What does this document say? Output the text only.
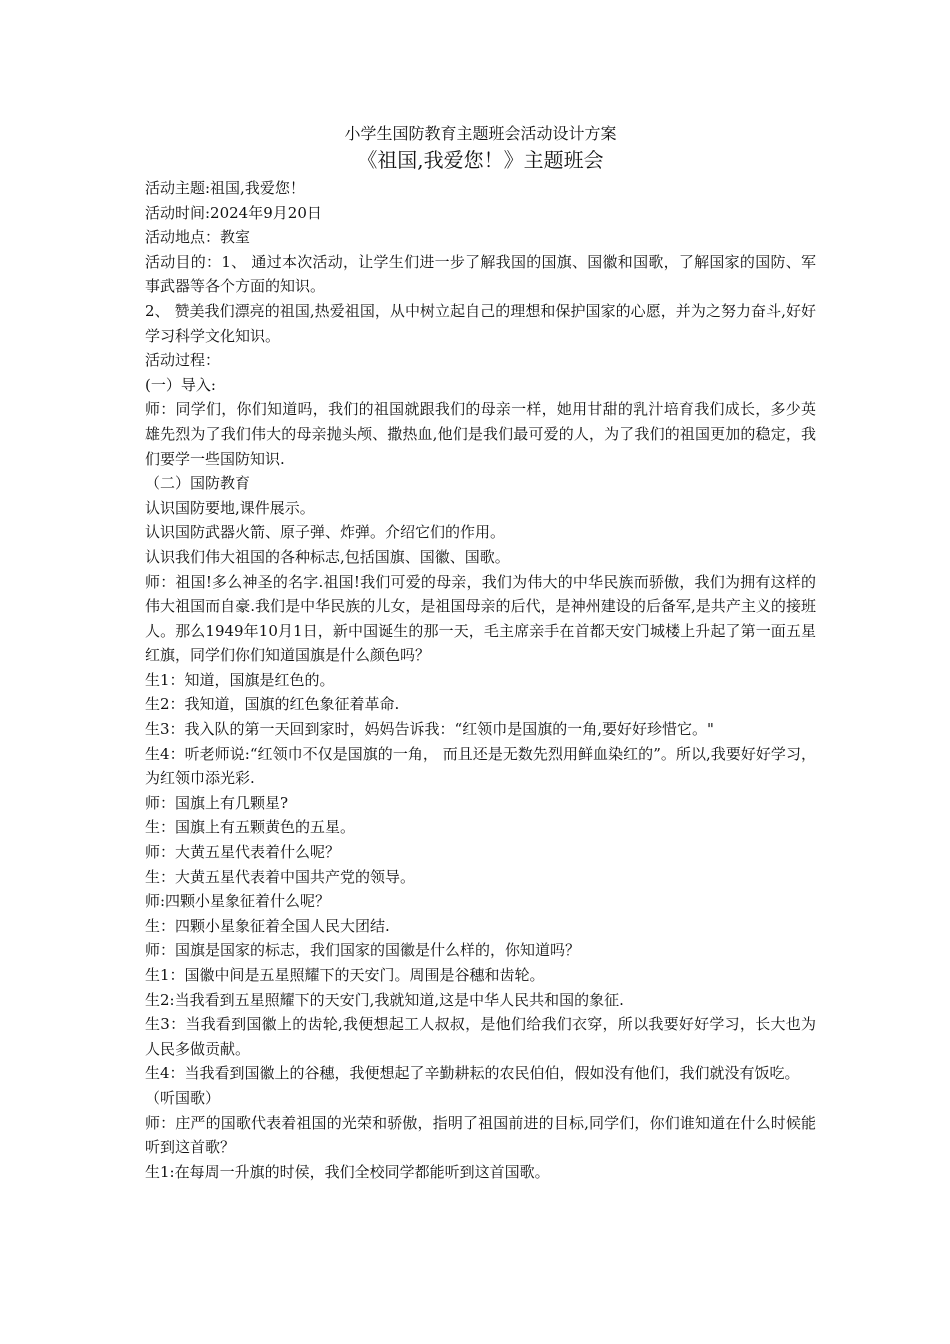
小学生国防教育主题班会活动设计方案
《祖国,我爱您！》主题班会

活动主题:祖国,我爱您！

活动时间:2024年9月20日

活动地点：教室

活动目的：1、 通过本次活动，让学生们进一步了解我国的国旗、国徽和国歌，了解国家的国防、军事武器等各个方面的知识。

2、 赞美我们漂亮的祖国,热爱祖国，从中树立起自己的理想和保护国家的心愿，并为之努力奋斗,好好学习科学文化知识。

活动过程：

(一）导入:

师：同学们，你们知道吗，我们的祖国就跟我们的母亲一样，她用甘甜的乳汁培育我们成长，多少英雄先烈为了我们伟大的母亲抛头颅、撒热血,他们是我们最可爱的人，为了我们的祖国更加的稳定，我们要学一些国防知识.

（二）国防教育

认识国防要地,课件展示。

认识国防武器火箭、原子弹、炸弹。介绍它们的作用。

认识我们伟大祖国的各种标志,包括国旗、国徽、国歌。

师：祖国!多么神圣的名字.祖国!我们可爱的母亲，我们为伟大的中华民族而骄傲，我们为拥有这样的伟大祖国而自豪.我们是中华民族的儿女，是祖国母亲的后代，是神州建设的后备军,是共产主义的接班人。那么1949年10月1日，新中国诞生的那一天，毛主席亲手在首都天安门城楼上升起了第一面五星红旗，同学们你们知道国旗是什么颜色吗？

生1：知道，国旗是红色的。

生2：我知道，国旗的红色象征着革命.

生3：我入队的第一天回到家时，妈妈告诉我：“红领巾是国旗的一角,要好好珍惜它。"

生4：听老师说:“红领巾不仅是国旗的一角， 而且还是无数先烈用鲜血染红的”。所以,我要好好学习，为红领巾添光彩.

师：国旗上有几颗星?

生：国旗上有五颗黄色的五星。

师：大黄五星代表着什么呢？

生：大黄五星代表着中国共产党的领导。

师:四颗小星象征着什么呢？

生：四颗小星象征着全国人民大团结.

师：国旗是国家的标志，我们国家的国徽是什么样的，你知道吗？

生1：国徽中间是五星照耀下的天安门。周围是谷穗和齿轮。

生2:当我看到五星照耀下的天安门,我就知道,这是中华人民共和国的象征.

生3：当我看到国徽上的齿轮,我便想起工人叔叔，是他们给我们衣穿，所以我要好好学习，长大也为人民多做贡献。

生4：当我看到国徽上的谷穗，我便想起了辛勤耕耘的农民伯伯，假如没有他们，我们就没有饭吃。

（听国歌）

师：庄严的国歌代表着祖国的光荣和骄傲，指明了祖国前进的目标,同学们，你们谁知道在什么时候能听到这首歌？

生1:在每周一升旗的时侯，我们全校同学都能听到这首国歌。
